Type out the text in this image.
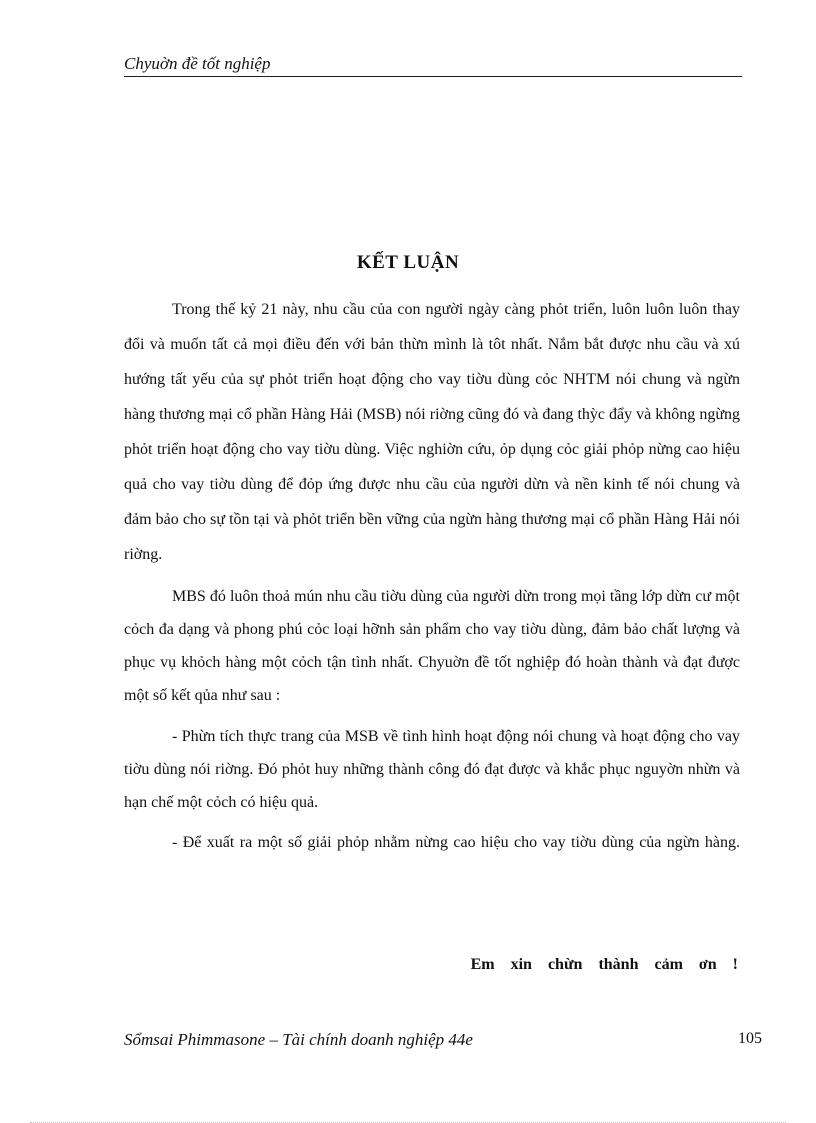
Chyuờn đề tốt nghiệp
KẾT LUẬN

Trong thế kỷ 21 này, nhu cầu của con người ngày càng phỏt triển, luôn luôn luôn thay đổi và muốn tất cả mọi điều đến với bản thừn mình là tôt nhất. Nắm bắt được nhu cầu và xú hướng tất yếu của sự phỏt triển hoạt động cho vay tiờu dùng cỏc NHTM nói chung và ngừn hàng thương mại cổ phần Hàng Hải (MSB) nói riờng cũng đó và đang thỳc đẩy và không ngừng phỏt triển hoạt động cho vay tiờu dùng. Việc nghiờn cứu, ỏp dụng cỏc giải phỏp nừng cao hiệu quả cho vay tiờu dùng để đỏp ứng được nhu cầu của người dừn và nền kinh tế nói chung và đảm bảo cho sự tồn tại và phỏt triển bền vững của ngừn hàng thương mại cổ phần Hàng Hải nói riờng.

MBS đó luôn thoả mún nhu cầu tiờu dùng của người dừn trong mọi tầng lớp dừn cư một cỏch đa dạng và phong phú cỏc loại hỡnh sản phẩm cho vay tiờu dùng, đảm bảo chất lượng và phục vụ khỏch hàng một cỏch tận tình nhất. Chyuờn đề tốt nghiệp đó hoàn thành và đạt được một số kết qủa như sau :

- Phừn tích thực trang của MSB về tình hình hoạt động nói chung và hoạt động cho vay tiờu dùng nói riờng. Đó phỏt huy những thành công đó đạt được và khắc phục nguyờn nhừn và hạn chế một cỏch có hiệu quả.

- Để xuất ra một số giải phỏp nhằm nừng cao hiệu cho vay tiờu dùng của ngừn hàng.

Em xin chừn thành cảm ơn !
Sổmsai Phimmasone – Tài chính doanh nghiệp 44e	105
